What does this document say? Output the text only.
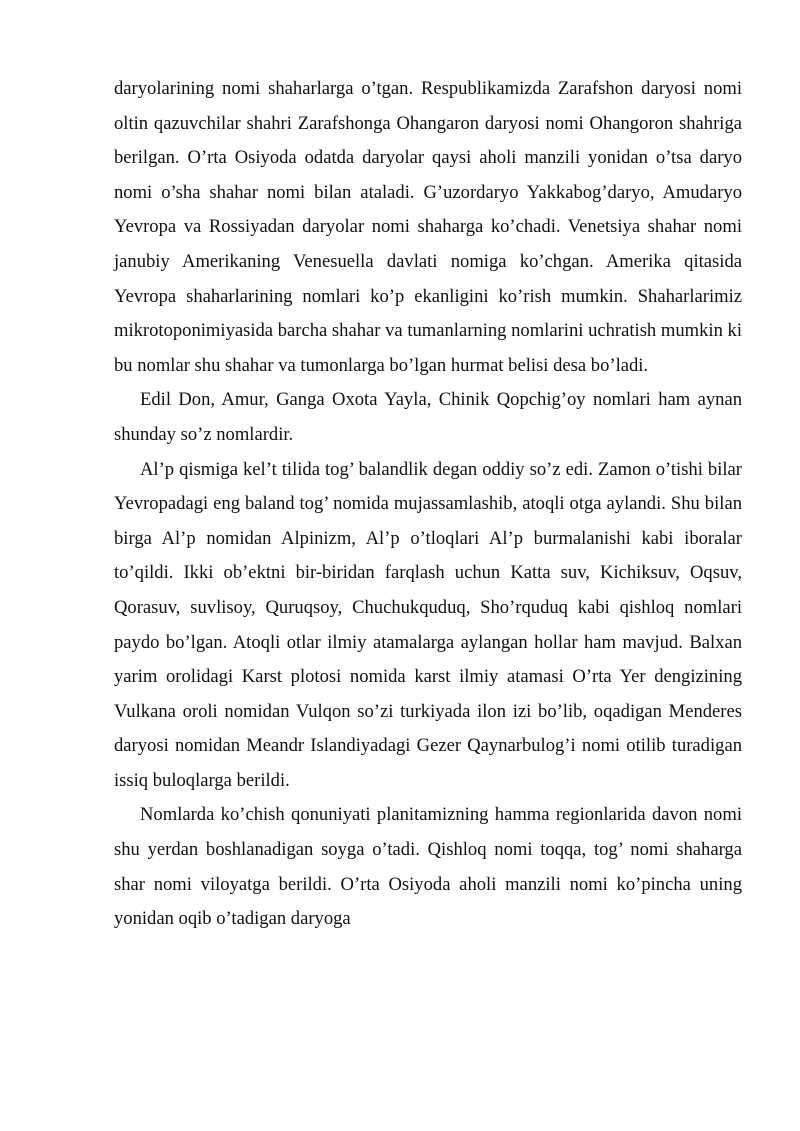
daryolarining nomi shaharlarga o’tgan. Respublikamizda Zarafshon daryosi nomi oltin qazuvchilar shahri Zarafshonga Ohangaron daryosi nomi Ohangoron shahriga berilgan. O’rta Osiyoda odatda daryolar qaysi aholi manzili yonidan o’tsa daryo nomi o’sha shahar nomi bilan ataladi. G’uzordaryo Yakkabog’daryo, Amudaryo Yevropa va Rossiyadan daryolar nomi shaharga ko’chadi. Venetsiya shahar nomi janubiy Amerikaning Venesuella davlati nomiga ko’chgan. Amerika qitasida Yevropa shaharlarining nomlari ko’p ekanligini ko’rish mumkin. Shaharlarimiz mikrotoponimiyasida barcha shahar va tumanlarning nomlarini uchratish mumkin ki bu nomlar shu shahar va tumonlarga bo’lgan hurmat belisi desa bo’ladi.

Edil Don, Amur, Ganga Oxota Yayla, Chinik Qopchig’oy nomlari ham aynan shunday so’z nomlardir.

Al’p qismiga kel’t tilida tog’ balandlik degan oddiy so’z edi. Zamon o’tishi bilar Yevropadagi eng baland tog’ nomida mujassamlashib, atoqli otga aylandi. Shu bilan birga Al’p nomidan Alpinizm, Al’p o’tloqlari Al’p burmalanishi kabi iboralar to’qildi. Ikki ob’ektni bir-biridan farqlash uchun Katta suv, Kichiksuv, Oqsuv, Qorasuv, suvlisoy, Quruqsoy, Chuchukquduq, Sho’rquduq kabi qishloq nomlari paydo bo’lgan. Atoqli otlar ilmiy atamalarga aylangan hollar ham mavjud. Balxan yarim orolidagi Karst plotosi nomida karst ilmiy atamasi O’rta Yer dengizining Vulkana oroli nomidan Vulqon so’zi turkiyada ilon izi bo’lib, oqadigan Menderes daryosi nomidan Meandr Islandiyadagi Gezer Qaynarbulog’i nomi otilib turadigan issiq buloqlarga berildi.

Nomlarda ko’chish qonuniyati planitamizning hamma regionlarida davon nomi shu yerdan boshlanadigan soyga o’tadi. Qishloq nomi toqqa, tog’ nomi shaharga shar nomi viloyatga berildi. O’rta Osiyoda aholi manzili nomi ko’pincha uning yonidan oqib o’tadigan daryoga
